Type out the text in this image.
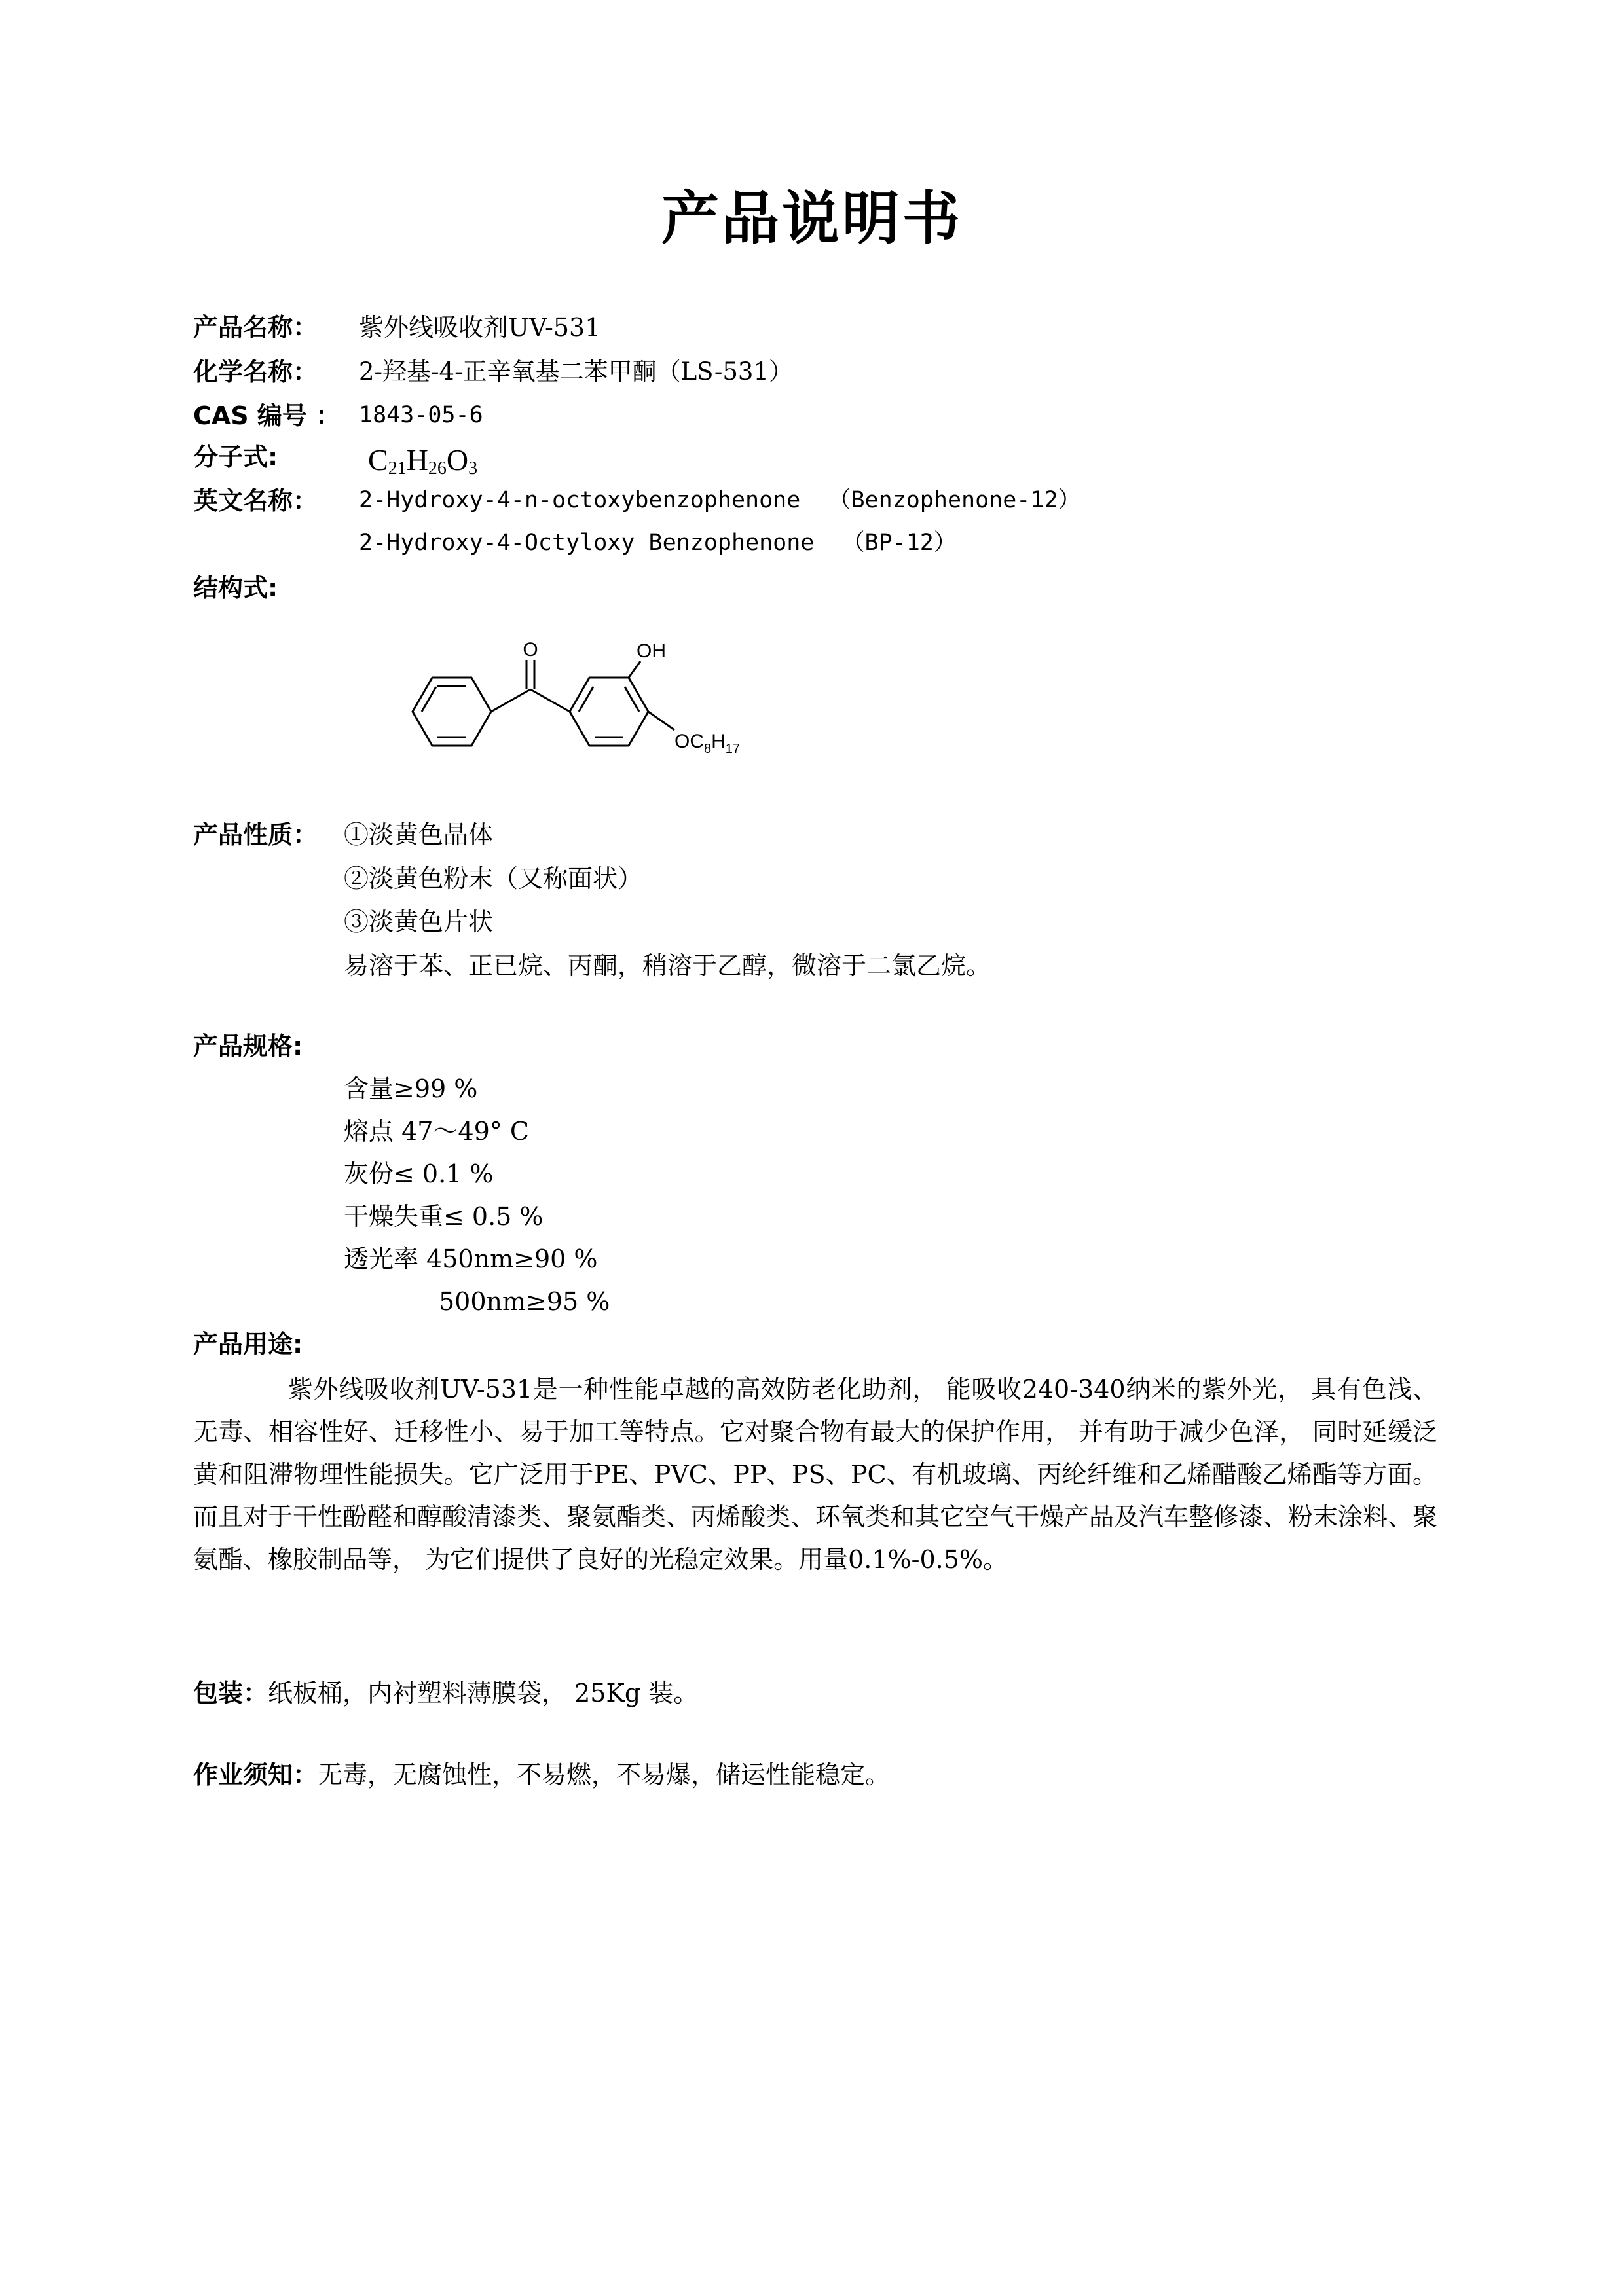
产品说明书
产品名称： 紫外线吸收剂UV-531
化学名称： 2-羟基-4-正辛氧基二苯甲酮（LS-531）
CAS 编号 ： 1843-05-6
分子式:	$C_{21}H_{26}O_3$
英文名称： 2-Hydroxy-4-n-octoxybenzophenone  （Benzophenone-12）
2-Hydroxy-4-Octyloxy Benzophenone  （BP-12）
结构式:
O	OH
$OC_8H_{17}$
产品性质： ①淡黄色晶体
②淡黄色粉末（又称面状）
③淡黄色片状
易溶于苯、正已烷、丙酮，稍溶于乙醇，微溶于二氯乙烷。
产品规格:
含量≥99 %
熔点 47～49° C
灰份≤ 0.1 %
干燥失重≤ 0.5 %
透光率 450nm≥90 %
500nm≥95 %
产品用途:
紫外线吸收剂UV-531是一种性能卓越的高效防老化助剂， 能吸收240-340纳米的紫外光， 具有色浅、无毒、相容性好、迁移性小、易于加工等特点。它对聚合物有最大的保护作用， 并有助于减少色泽， 同时延缓泛黄和阻滞物理性能损失。它广泛用于PE、PVC、PP、PS、PC、有机玻璃、丙纶纤维和乙烯醋酸乙烯酯等方面。而且对于干性酚醛和醇酸清漆类、聚氨酯类、丙烯酸类、环氧类和其它空气干燥产品及汽车整修漆、粉末涂料、聚氨酯、橡胶制品等， 为它们提供了良好的光稳定效果。用量0.1%-0.5%。
包装：纸板桶，内衬塑料薄膜袋， 25Kg 装。
作业须知：无毒，无腐蚀性，不易燃，不易爆，储运性能稳定。
